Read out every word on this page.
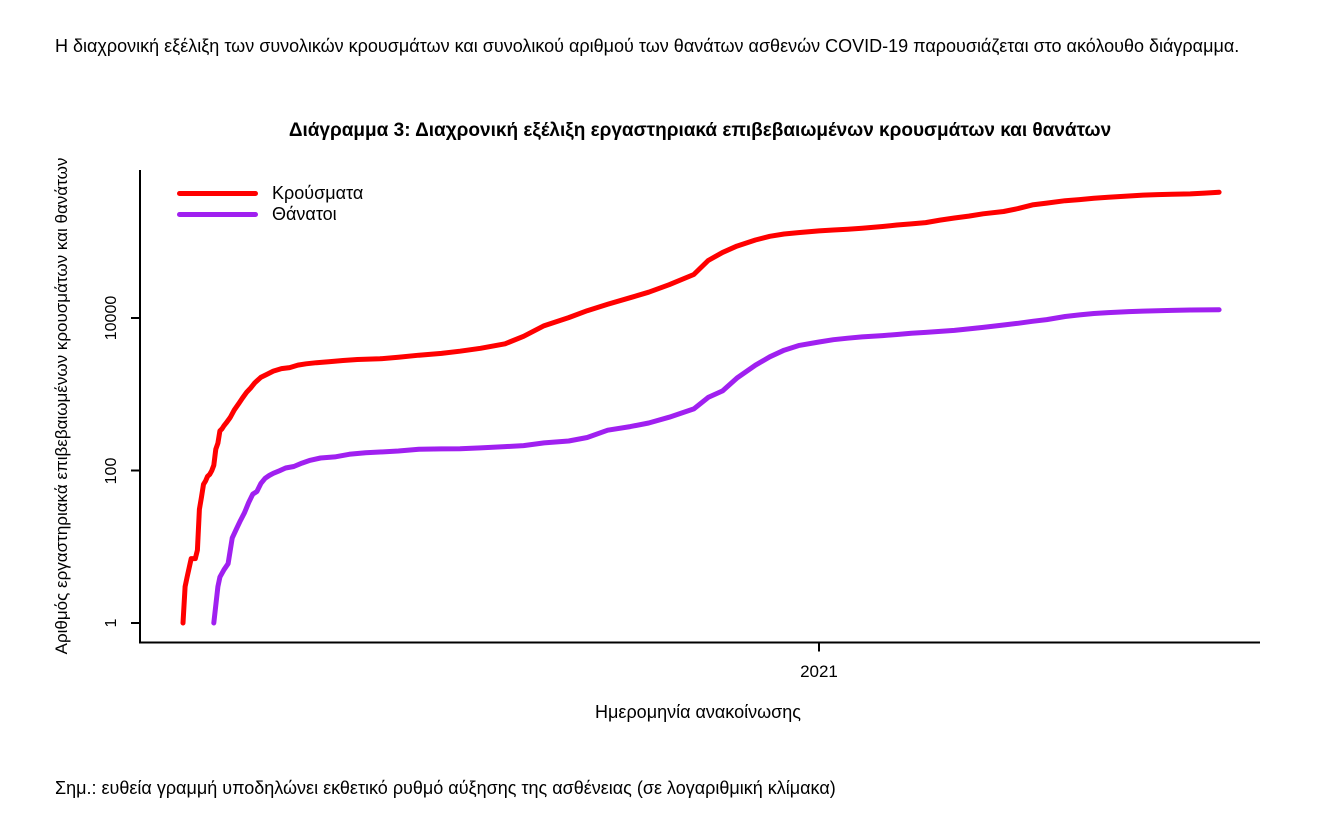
Η διαχρονική εξέλιξη των συνολικών κρουσμάτων και συνολικού αριθμού των θανάτων ασθενών COVID-19 παρουσιάζεται στο ακόλουθο διάγραμμα.

Διάγραμμα 3: Διαχρονική εξέλιξη εργαστηριακά επιβεβαιωμένων κρουσμάτων και θανάτων
Κρούσματα
Θάνατοι
1
100
10000
2021
Αριθμός εργαστηριακά επιβεβαιωμένων κρουσμάτων και θανάτων
Ημερομηνία ανακοίνωσης

Σημ.: ευθεία γραμμή υποδηλώνει εκθετικό ρυθμό αύξησης της ασθένειας (σε λογαριθμική κλίμακα)
